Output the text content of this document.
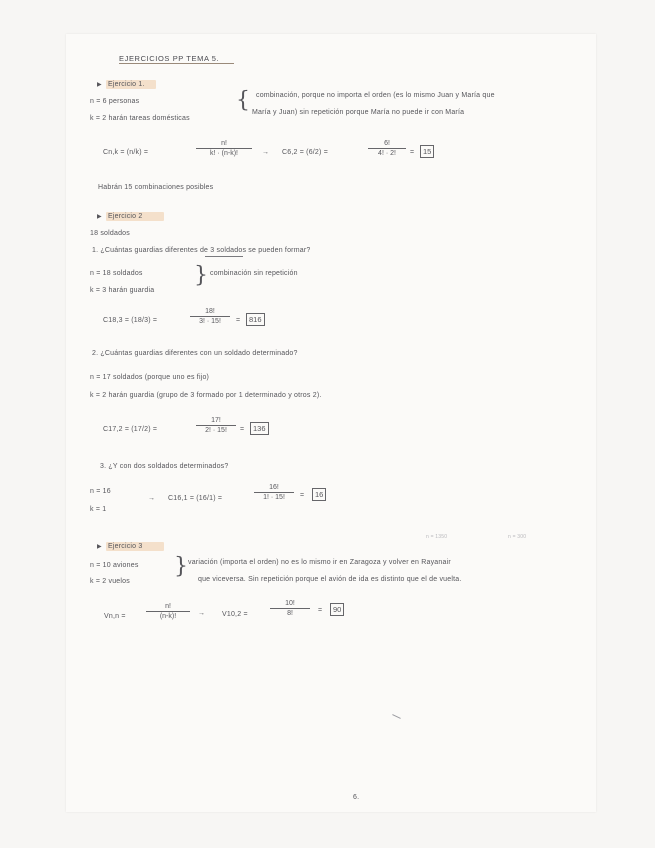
EJERCICIOS PP TEMA 5.
▶ Ejercicio 1.
n = 6 personas
k = 2 harán tareas domésticas
{ combinación, porque no importa el orden (es lo mismo Juan y María que
María y Juan) sin repetición porque María no puede ir con María
Cn,k = (n/k) =
n!
k! · (n-k)!	→ C6,2 = (6/2) =
6!
4! · 2!	=	15
Habrán 15 combinaciones posibles
▶ Ejercicio 2
18 soldados
1. ¿Cuántas guardias diferentes de 3 soldados se pueden formar?
n = 18 soldados
k = 3 harán guardia
} combinación sin repetición
C18,3 = (18/3) =
18!
3! · 15!	=	816
2. ¿Cuántas guardias diferentes con un soldado determinado?
n = 17 soldados (porque uno es fijo)
k = 2 harán guardia (grupo de 3 formado por 1 determinado y otros 2).
C17,2 = (17/2) =
17!
2! · 15!	=	136
3. ¿Y con dos soldados determinados?
n = 16
k = 1
→ C16,1 = (16/1) =
16!
1! · 15!	=	16
▶ Ejercicio 3
n = 1350	n = 300
n = 10 aviones
k = 2 vuelos
} variación (importa el orden) no es lo mismo ir en Zaragoza y volver en Rayanair
que viceversa. Sin repetición porque el avión de ida es distinto que el de vuelta.
Vn,n =
n!
(n-k)!	→ V10,2 =
10!
8!	=	90
6.
